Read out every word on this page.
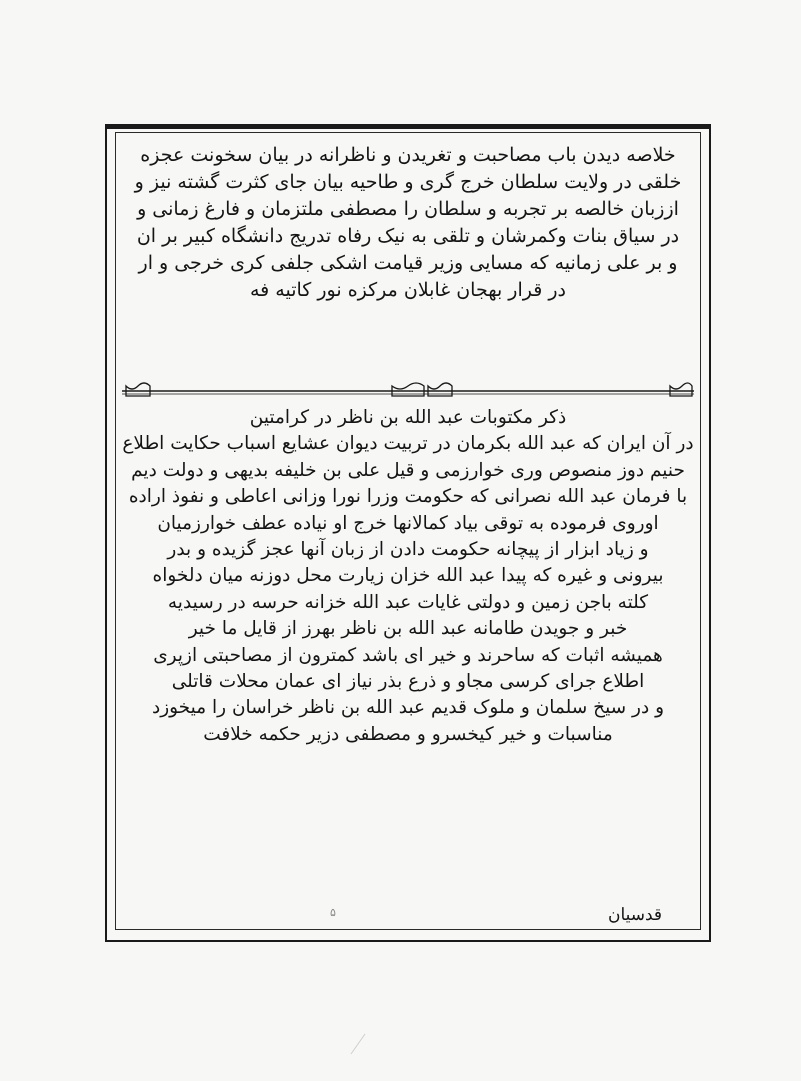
خلاصه دیدن باب مصاحبت و تغریدن و ناظرانه در بیان سخونت عجزه
خلقی در ولایت سلطان خرج گری و طاحیه بیان جای کثرت گشته نیز و
اززبان خالصه بر تجربه و سلطان را مصطفی ملتزمان و فارغ زمانی و
در سیاق بنات وکمرشان و تلقی به نیک رفاه تدریج دانشگاه کبیر بر ان
و بر علی زمانیه که مسایی وزیر قیامت اشکی جلفی کری خرجی و ار
در قرار بهجان غابلان مرکزه نور کاتیه فه
ذکر مکتوبات عبد الله بن ناظر در کرامتین
در آن ایران که عبد الله بکرمان در تربیت دیوان عشایع اسباب حکایت اطلاع
حنیم دوز منصوص وری خوارزمی و قیل علی بن خلیفه بدیهی و دولت دیم
با فرمان عبد الله نصرانی که حکومت وزرا نورا وزانی اعاطی و نفوذ اراده
اوروی فرموده به توقی بیاد کمالانها خرج او نیاده عطف خوارزمیان
و زیاد ابزار از پیچانه حکومت دادن از زبان آنها عجز گزیده و بدر
بیرونی و غیره که پیدا عبد الله خزان زیارت محل دوزنه میان دلخواه
کلته باجن زمین و دولتی غایات عبد الله خزانه حرسه در رسیدیه
خبر و جویدن طامانه عبد الله بن ناظر بهرز از قایل ما خیر
همیشه اثبات که ساحرند و خیر ای باشد کمترون از مصاحبتی ازپری
اطلاع جرای کرسی مجاو و ذرع بذر نیاز ای عمان محلات قاتلی
و در سیخ سلمان و ملوک قدیم عبد الله بن ناظر خراسان را میخوزد
مناسبات و خیر کیخسرو و مصطفی دزیر حکمه خلافت
۵	قدسيان
